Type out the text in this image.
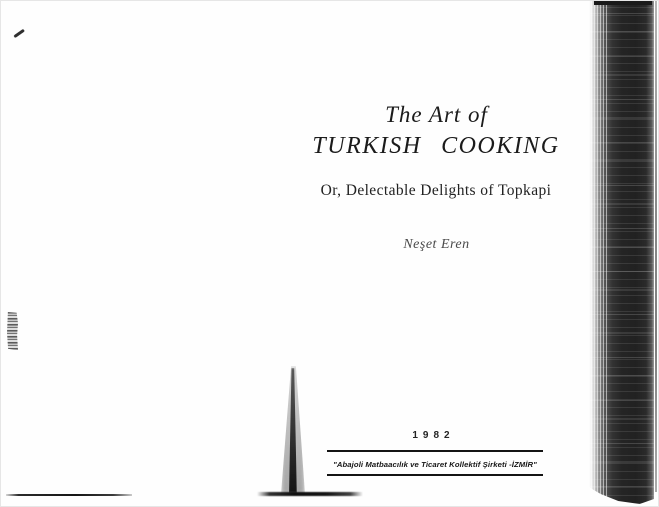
The Art of
TURKISH COOKING
Or, Delectable Delights of Topkapi
Neşet Eren
1982
"Abajoli Matbaacılık ve Ticaret Kollektif Şirketi -İZMİR"
